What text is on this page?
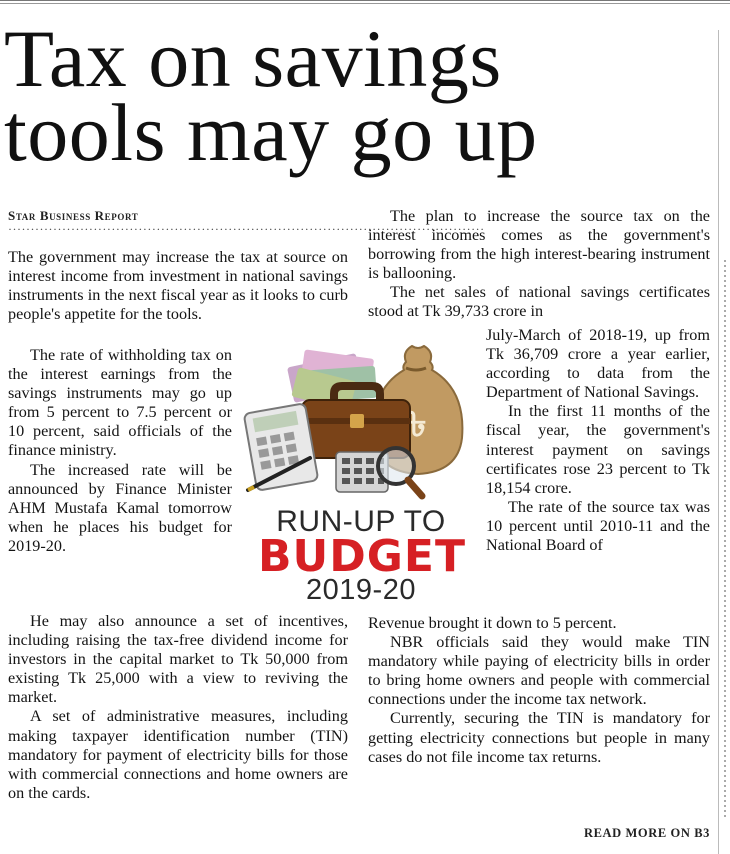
Tax on savings
tools may go up

Star Business Report

··········································································································

The government may increase the tax at source on interest income from investment in national savings instruments in the next fiscal year as it looks to curb people's appetite for the tools.

The rate of withholding tax on the interest earnings from the savings instruments may go up from 5 percent to 7.5 percent or 10 percent, said officials of the finance ministry.

The increased rate will be announced by Finance Minister AHM Mustafa Kamal tomorrow when he places his budget for 2019-20.

He may also announce a set of incentives, including raising the tax-free dividend income for investors in the capital market to Tk 50,000 from existing Tk 25,000 with a view to reviving the market.

A set of administrative measures, including making taxpayer identification number (TIN) mandatory for payment of electricity bills for those with commercial connections and home owners are on the cards.

The plan to increase the source tax on the interest incomes comes as the government's borrowing from the high interest-bearing instrument is ballooning.

The net sales of national savings certificates stood at Tk 39,733 crore in

July-March of 2018-19, up from Tk 36,709 crore a year earlier, according to data from the Department of National Savings.

In the first 11 months of the fiscal year, the government's interest payment on savings certificates rose 23 percent to Tk 18,154 crore.

The rate of the source tax was 10 percent until 2010-11 and the National Board of

Revenue brought it down to 5 percent.

NBR officials said they would make TIN mandatory while paying of electricity bills in order to bring home owners and people with commercial connections under the income tax network.

Currently, securing the TIN is mandatory for getting electricity connections but people in many cases do not file income tax returns.

৳

RUN-UP TO

BUDGET

2019-20

READ MORE ON B3
